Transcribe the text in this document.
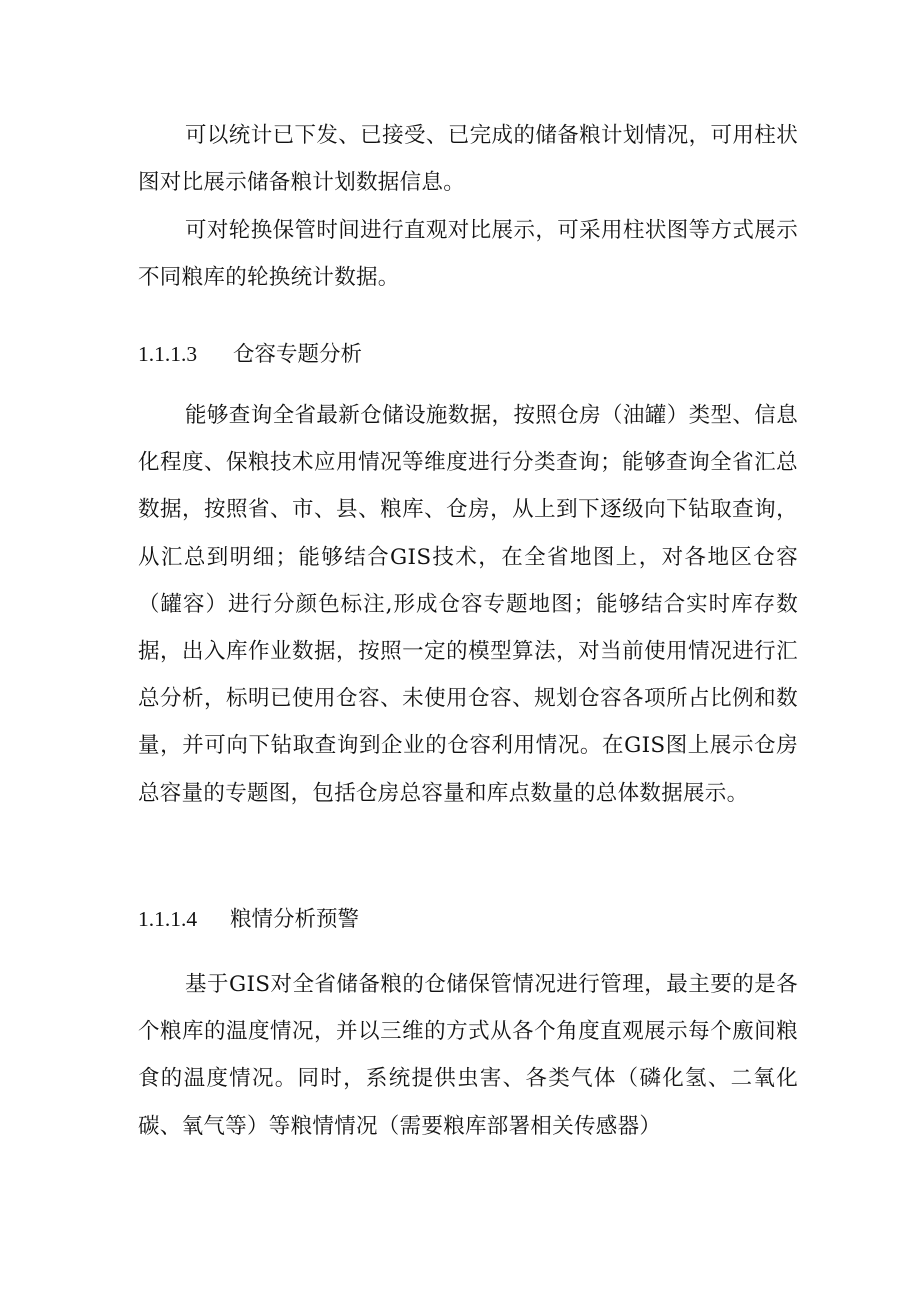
可以统计已下发、已接受、已完成的储备粮计划情况，可用柱状图对比展示储备粮计划数据信息。

可对轮换保管时间进行直观对比展示，可采用柱状图等方式展示不同粮库的轮换统计数据。

1.1.1.3 仓容专题分析

能够查询全省最新仓储设施数据，按照仓房（油罐）类型、信息化程度、保粮技术应用情况等维度进行分类查询；能够查询全省汇总数据，按照省、市、县、粮库、仓房，从上到下逐级向下钻取查询，从汇总到明细；能够结合GIS技术，在全省地图上，对各地区仓容（罐容）进行分颜色标注,形成仓容专题地图；能够结合实时库存数据，出入库作业数据，按照一定的模型算法，对当前使用情况进行汇总分析，标明已使用仓容、未使用仓容、规划仓容各项所占比例和数量，并可向下钻取查询到企业的仓容利用情况。在GIS图上展示仓房总容量的专题图，包括仓房总容量和库点数量的总体数据展示。

1.1.1.4 粮情分析预警

基于GIS对全省储备粮的仓储保管情况进行管理，最主要的是各个粮库的温度情况，并以三维的方式从各个角度直观展示每个廒间粮食的温度情况。同时，系统提供虫害、各类气体（磷化氢、二氧化碳、氧气等）等粮情情况（需要粮库部署相关传感器）
